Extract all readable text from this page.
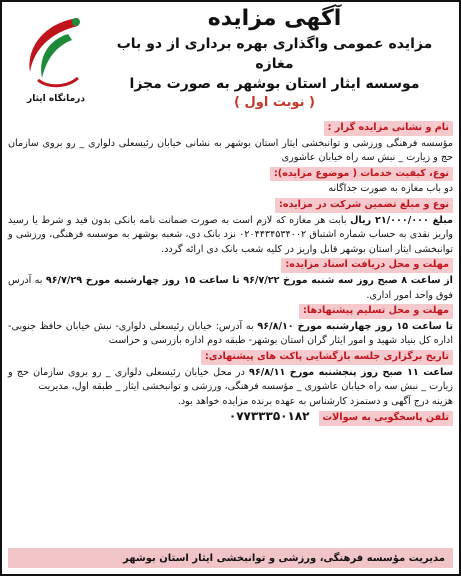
درمانگاه ایثار
آگهی مزایده
مزایده عمومی واگذاری بهره برداری از دو باب مغازه
موسسه ایثار استان بوشهر به صورت مجزا
( نوبت اول )
نام و نشانی مزایده گزار :

مؤسسه فرهنگی ورزشی و توانبخشی ایثار استان بوشهر به نشانی خیابان رئیسعلی دلواری _ رو بروی سازمان حج و زیارت _ نبش سه راه خیابان عاشوری

نوع، کیفیت خدمات ( موضوع مزایده):

دو باب مغازه به صورت جداگانه

نوع و مبلغ تضمین شرکت در مزایده:

مبلغ ۲۱/۰۰۰/۰۰۰ ریال بابت هر مغازه که لازم است به صورت ضمانت نامه بانکی بدون قید و شرط یا رسید واریز نقدی به حساب شماره اشتباق ۰۲۰۴۴۳۴۵۳۴۰۰۲ نزد بانک دی، شعبه بوشهر به موسسه فرهنگی، ورزشی و توانبخشی ایثار استان بوشهر قابل واریز در کلیه شعب بانک دی ارائه گردد.

مهلت و محل دریافت اسناد مزایده:

از ساعت ۸ صبح روز سه شنبه مورخ ۹۶/۷/۲۲ تا ساعت ۱۵ روز چهارشنبه مورخ ۹۶/۷/۲۹ به آدرس فوق واحد امور اداری.

مهلت و محل تسلیم پیشنهادها:

تا ساعت ۱۵ روز چهارشنبه مورخ ۹۶/۸/۱۰ به آدرس: خیابان رئیسعلی دلواری- نبش خیابان حافظ جنوبی-اداره کل بنیاد شهید و امور ایثار گران استان بوشهر- طبقه دوم اداره بازرسی و حراست

تاریخ برگزاری جلسه بازگشایی پاکت های پیشنهادی:

ساعت ۱۱ صبح روز پنجشنبه مورخ ۹۶/۸/۱۱ در محل خیابان رئیسعلی دلواری _ رو بروی سازمان حج و زیارت _ نبش سه راه خیابان عاشوری _ مؤسسه فرهنگی، ورزشی و توانبخشی ایثار _ طبقه اول، مدیریت

هزینه درج آگهی و دستمزد کارشناس به عهده برنده مزایده خواهد بود.

تلفن پاسخگویی به سوالات ۰۷۷۳۳۳۵۰۱۸۲
مدیریت مؤسسه فرهنگی، ورزشی و توانبخشی ایثار استان بوشهر
